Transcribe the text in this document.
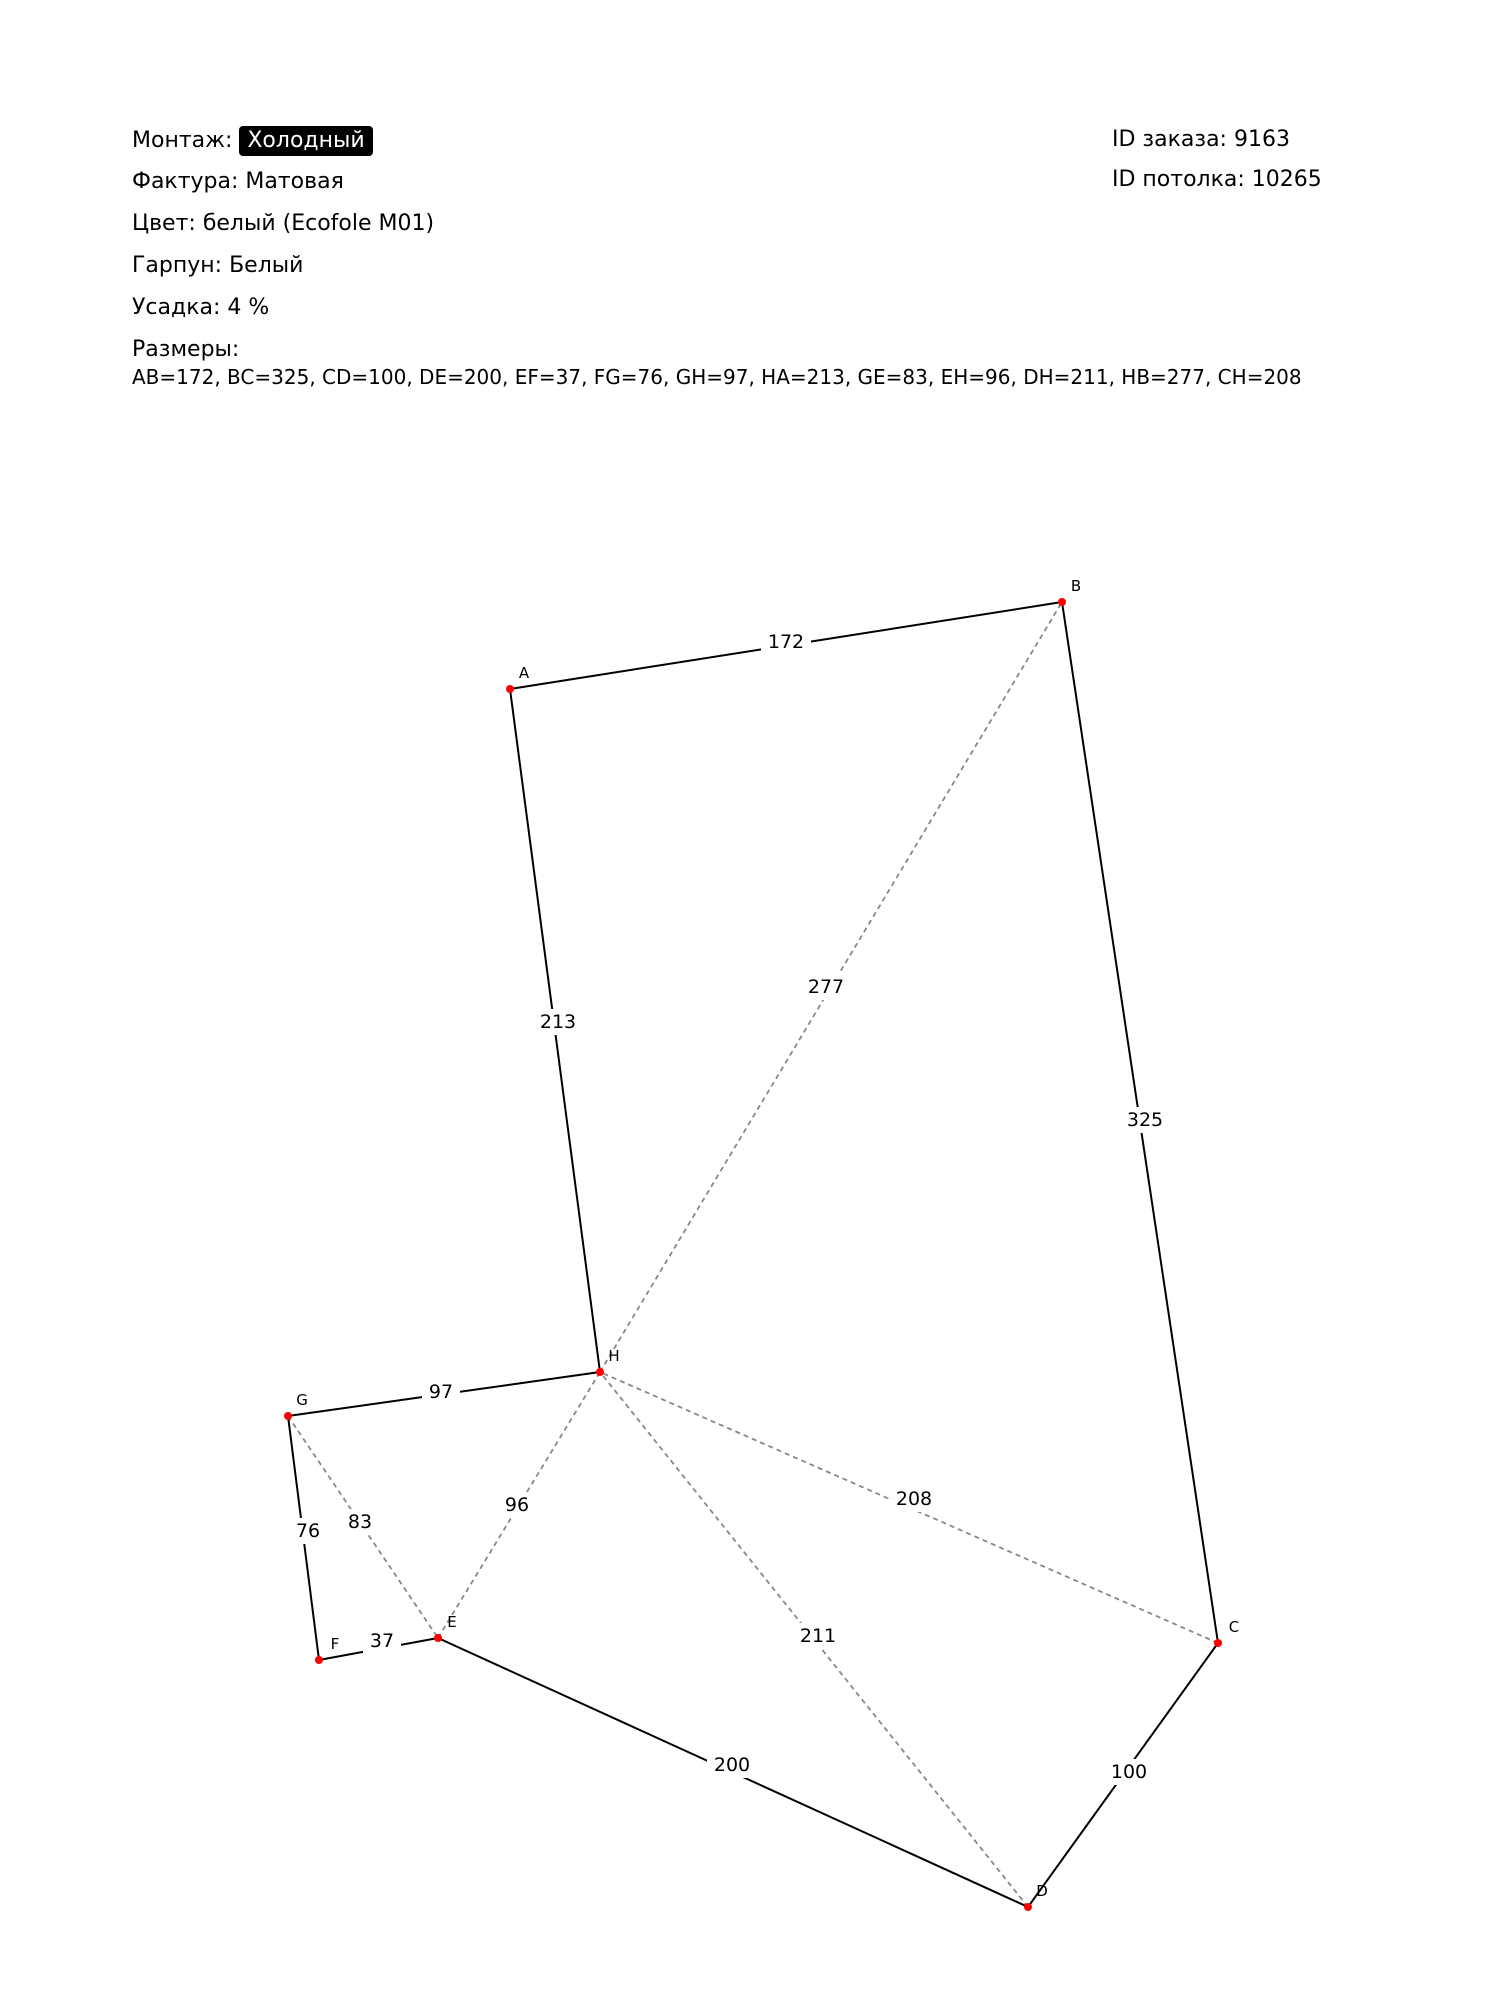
Монтаж: Холодный
Фактура: Матовая
Цвет: белый (Ecofole M01)
Гарпун: Белый
Усадка: 4 %
Размеры:
AB=172, BC=325, CD=100, DE=200, EF=37, FG=76, GH=97, HA=213, GE=83, EH=96, DH=211, HB=277, CH=208
ID заказа: 9163
ID потолка: 10265
83
96
211
277
208
172
325
100
200
37
76
97
213
A
B
C
D
E
F
G
H
